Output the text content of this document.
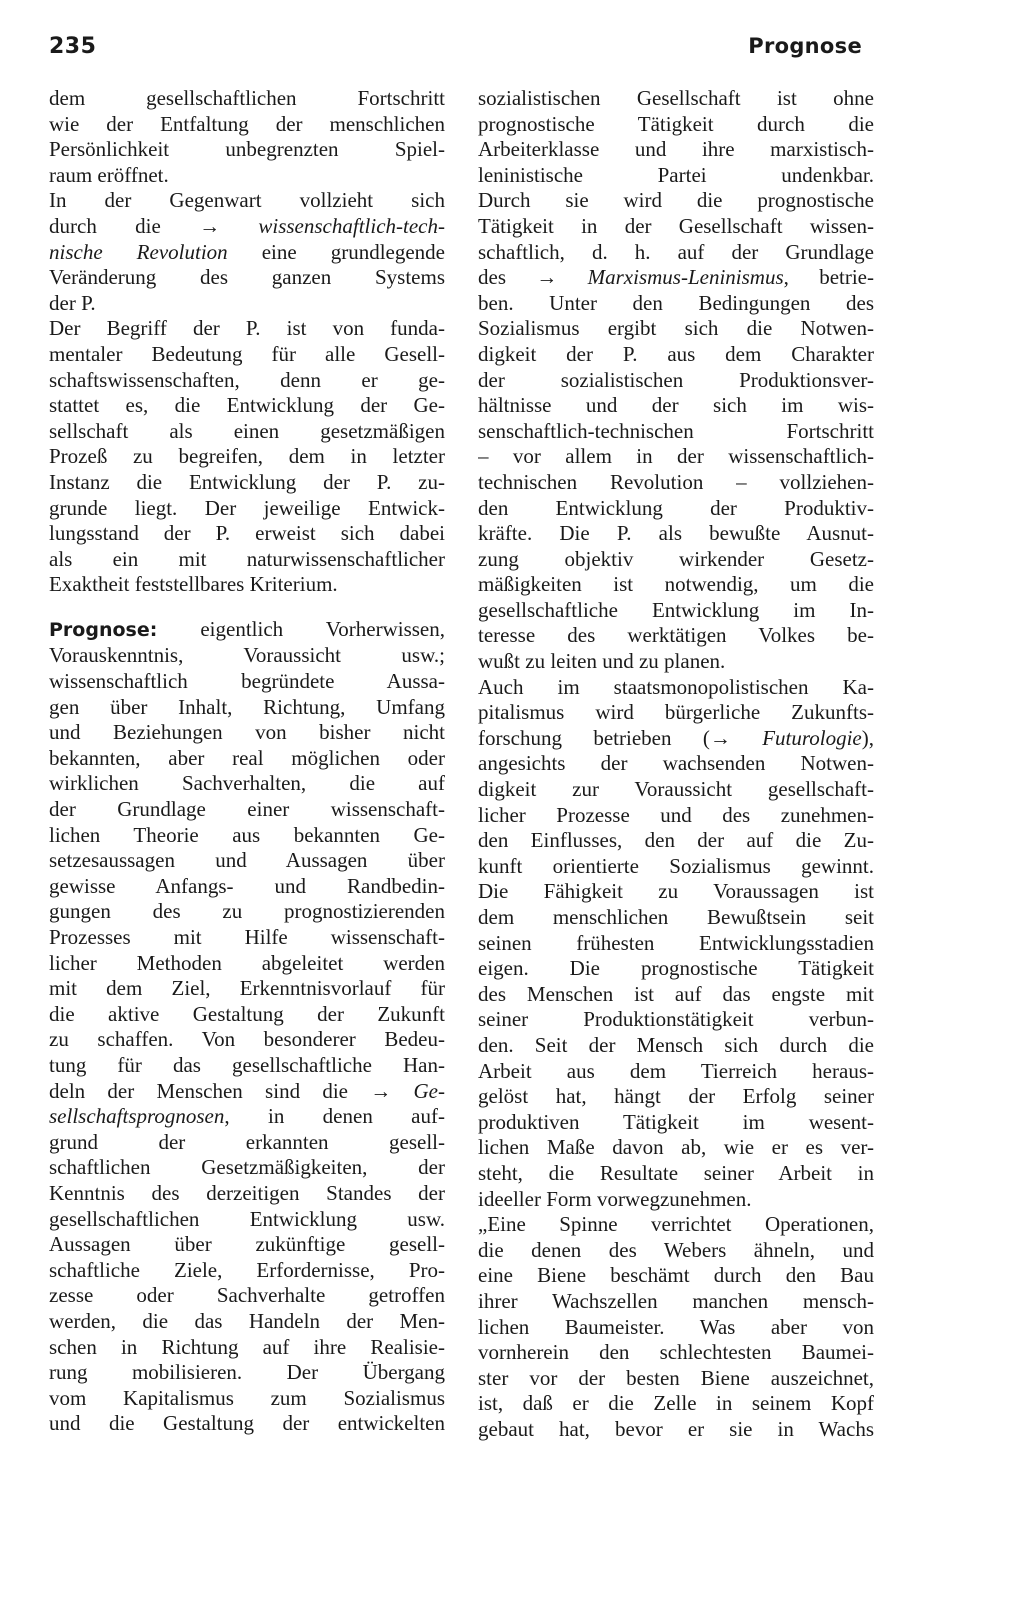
235	Prognose
dem gesellschaftlichen Fortschritt
wie der Entfaltung der menschlichen
Persönlichkeit unbegrenzten Spiel-
raum eröffnet.
In der Gegenwart vollzieht sich
durch die → wissenschaftlich-tech-
nische Revolution eine grundlegende
Veränderung des ganzen Systems
der P.
Der Begriff der P. ist von funda-
mentaler Bedeutung für alle Gesell-
schaftswissenschaften, denn er ge-
stattet es, die Entwicklung der Ge-
sellschaft als einen gesetzmäßigen
Prozeß zu begreifen, dem in letzter
Instanz die Entwicklung der P. zu-
grunde liegt. Der jeweilige Entwick-
lungsstand der P. erweist sich dabei
als ein mit naturwissenschaftlicher
Exaktheit feststellbares Kriterium.
Prognose: eigentlich Vorherwissen,
Vorauskenntnis, Voraussicht usw.;
wissenschaftlich begründete Aussa-
gen über Inhalt, Richtung, Umfang
und Beziehungen von bisher nicht
bekannten, aber real möglichen oder
wirklichen Sachverhalten, die auf
der Grundlage einer wissenschaft-
lichen Theorie aus bekannten Ge-
setzesaussagen und Aussagen über
gewisse Anfangs- und Randbedin-
gungen des zu prognostizierenden
Prozesses mit Hilfe wissenschaft-
licher Methoden abgeleitet werden
mit dem Ziel, Erkenntnisvorlauf für
die aktive Gestaltung der Zukunft
zu schaffen. Von besonderer Bedeu-
tung für das gesellschaftliche Han-
deln der Menschen sind die → Ge-
sellschaftsprognosen, in denen auf-
grund der erkannten gesell-
schaftlichen Gesetzmäßigkeiten, der
Kenntnis des derzeitigen Standes der
gesellschaftlichen Entwicklung usw.
Aussagen über zukünftige gesell-
schaftliche Ziele, Erfordernisse, Pro-
zesse oder Sachverhalte getroffen
werden, die das Handeln der Men-
schen in Richtung auf ihre Realisie-
rung mobilisieren. Der Übergang
vom Kapitalismus zum Sozialismus
und die Gestaltung der entwickelten
sozialistischen Gesellschaft ist ohne
prognostische Tätigkeit durch die
Arbeiterklasse und ihre marxistisch-
leninistische Partei undenkbar.
Durch sie wird die prognostische
Tätigkeit in der Gesellschaft wissen-
schaftlich, d. h. auf der Grundlage
des → Marxismus-Leninismus, betrie-
ben. Unter den Bedingungen des
Sozialismus ergibt sich die Notwen-
digkeit der P. aus dem Charakter
der sozialistischen Produktionsver-
hältnisse und der sich im wis-
senschaftlich-technischen Fortschritt
– vor allem in der wissenschaftlich-
technischen Revolution – vollziehen-
den Entwicklung der Produktiv-
kräfte. Die P. als bewußte Ausnut-
zung objektiv wirkender Gesetz-
mäßigkeiten ist notwendig, um die
gesellschaftliche Entwicklung im In-
teresse des werktätigen Volkes be-
wußt zu leiten und zu planen.
Auch im staatsmonopolistischen Ka-
pitalismus wird bürgerliche Zukunfts-
forschung betrieben (→ Futurologie),
angesichts der wachsenden Notwen-
digkeit zur Voraussicht gesellschaft-
licher Prozesse und des zunehmen-
den Einflusses, den der auf die Zu-
kunft orientierte Sozialismus gewinnt.
Die Fähigkeit zu Voraussagen ist
dem menschlichen Bewußtsein seit
seinen frühesten Entwicklungsstadien
eigen. Die prognostische Tätigkeit
des Menschen ist auf das engste mit
seiner Produktionstätigkeit verbun-
den. Seit der Mensch sich durch die
Arbeit aus dem Tierreich heraus-
gelöst hat, hängt der Erfolg seiner
produktiven Tätigkeit im wesent-
lichen Maße davon ab, wie er es ver-
steht, die Resultate seiner Arbeit in
ideeller Form vorwegzunehmen.
„Eine Spinne verrichtet Operationen,
die denen des Webers ähneln, und
eine Biene beschämt durch den Bau
ihrer Wachszellen manchen mensch-
lichen Baumeister. Was aber von
vornherein den schlechtesten Baumei-
ster vor der besten Biene auszeichnet,
ist, daß er die Zelle in seinem Kopf
gebaut hat, bevor er sie in Wachs
